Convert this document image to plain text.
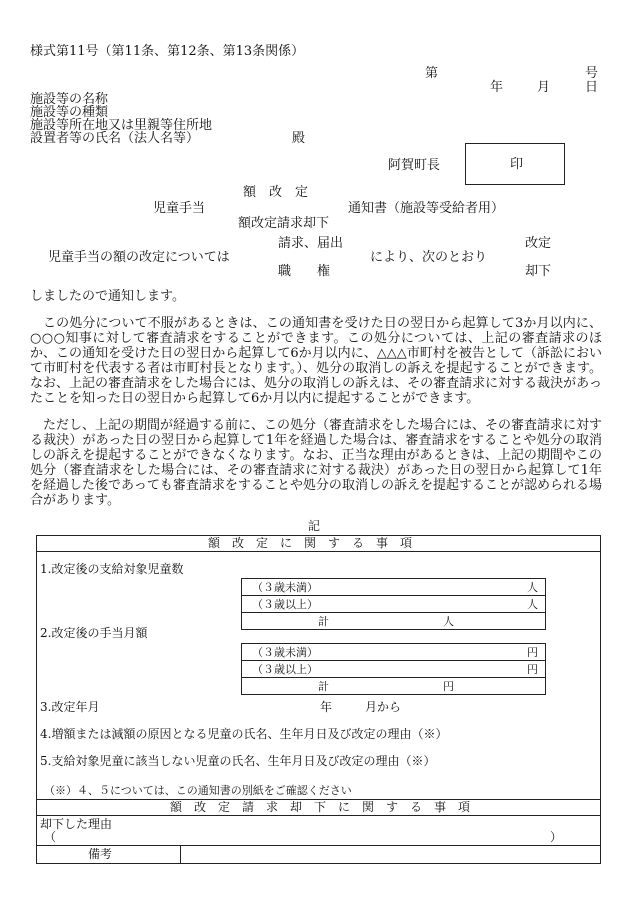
様式第11号（第11条、第12条、第13条関係）
第	号
年	月	日
施設等の名称
施設等の種類
施設等所在地又は里親等住所地
設置者等の氏名（法人名等）	殿
阿賀町長	印
額　改　定
児童手当	通知書（施設等受給者用）
額改定請求却下
請求、届出
児童手当の額の改定については
職　　権
により、次のとおり
改定
却下
しましたので通知します。
この処分について不服があるときは、この通知書を受けた日の翌日から起算して3か月以内に、○○○知事に対して審査請求をすることができます。この処分については、上記の審査請求のほか、この通知を受けた日の翌日から起算して6か月以内に、△△△市町村を被告として（訴訟において市町村を代表する者は市町村長となります。）、処分の取消しの訴えを提起することができます。なお、上記の審査請求をした場合には、処分の取消しの訴えは、その審査請求に対する裁決があったことを知った日の翌日から起算して6か月以内に提起することができます。
ただし、上記の期間が経過する前に、この処分（審査請求をした場合には、その審査請求に対する裁決）があった日の翌日から起算して1年を経過した場合は、審査請求をすることや処分の取消しの訴えを提起することができなくなります。なお、正当な理由があるときは、上記の期間やこの処分（審査請求をした場合には、その審査請求に対する裁決）があった日の翌日から起算して1年を経過した後であっても審査請求をすることや処分の取消しの訴えを提起することが認められる場合があります。
記
額　改　定　に　関　す　る　事　項
1.改定後の支給対象児童数
（３歳未満）	人
（３歳以上）	人
計	人
2.改定後の手当月額
（３歳未満）	円
（３歳以上）	円
計	円
3.改定年月	年	月から
4.増額または減額の原因となる児童の氏名、生年月日及び改定の理由（※）
5.支給対象児童に該当しない児童の氏名、生年月日及び改定の理由（※）
（※）４、５については、この通知書の別紙をご確認ください
額　改　定　請　求　却　下　に　関　す　る　事　項
却下した理由
（	）
備考
